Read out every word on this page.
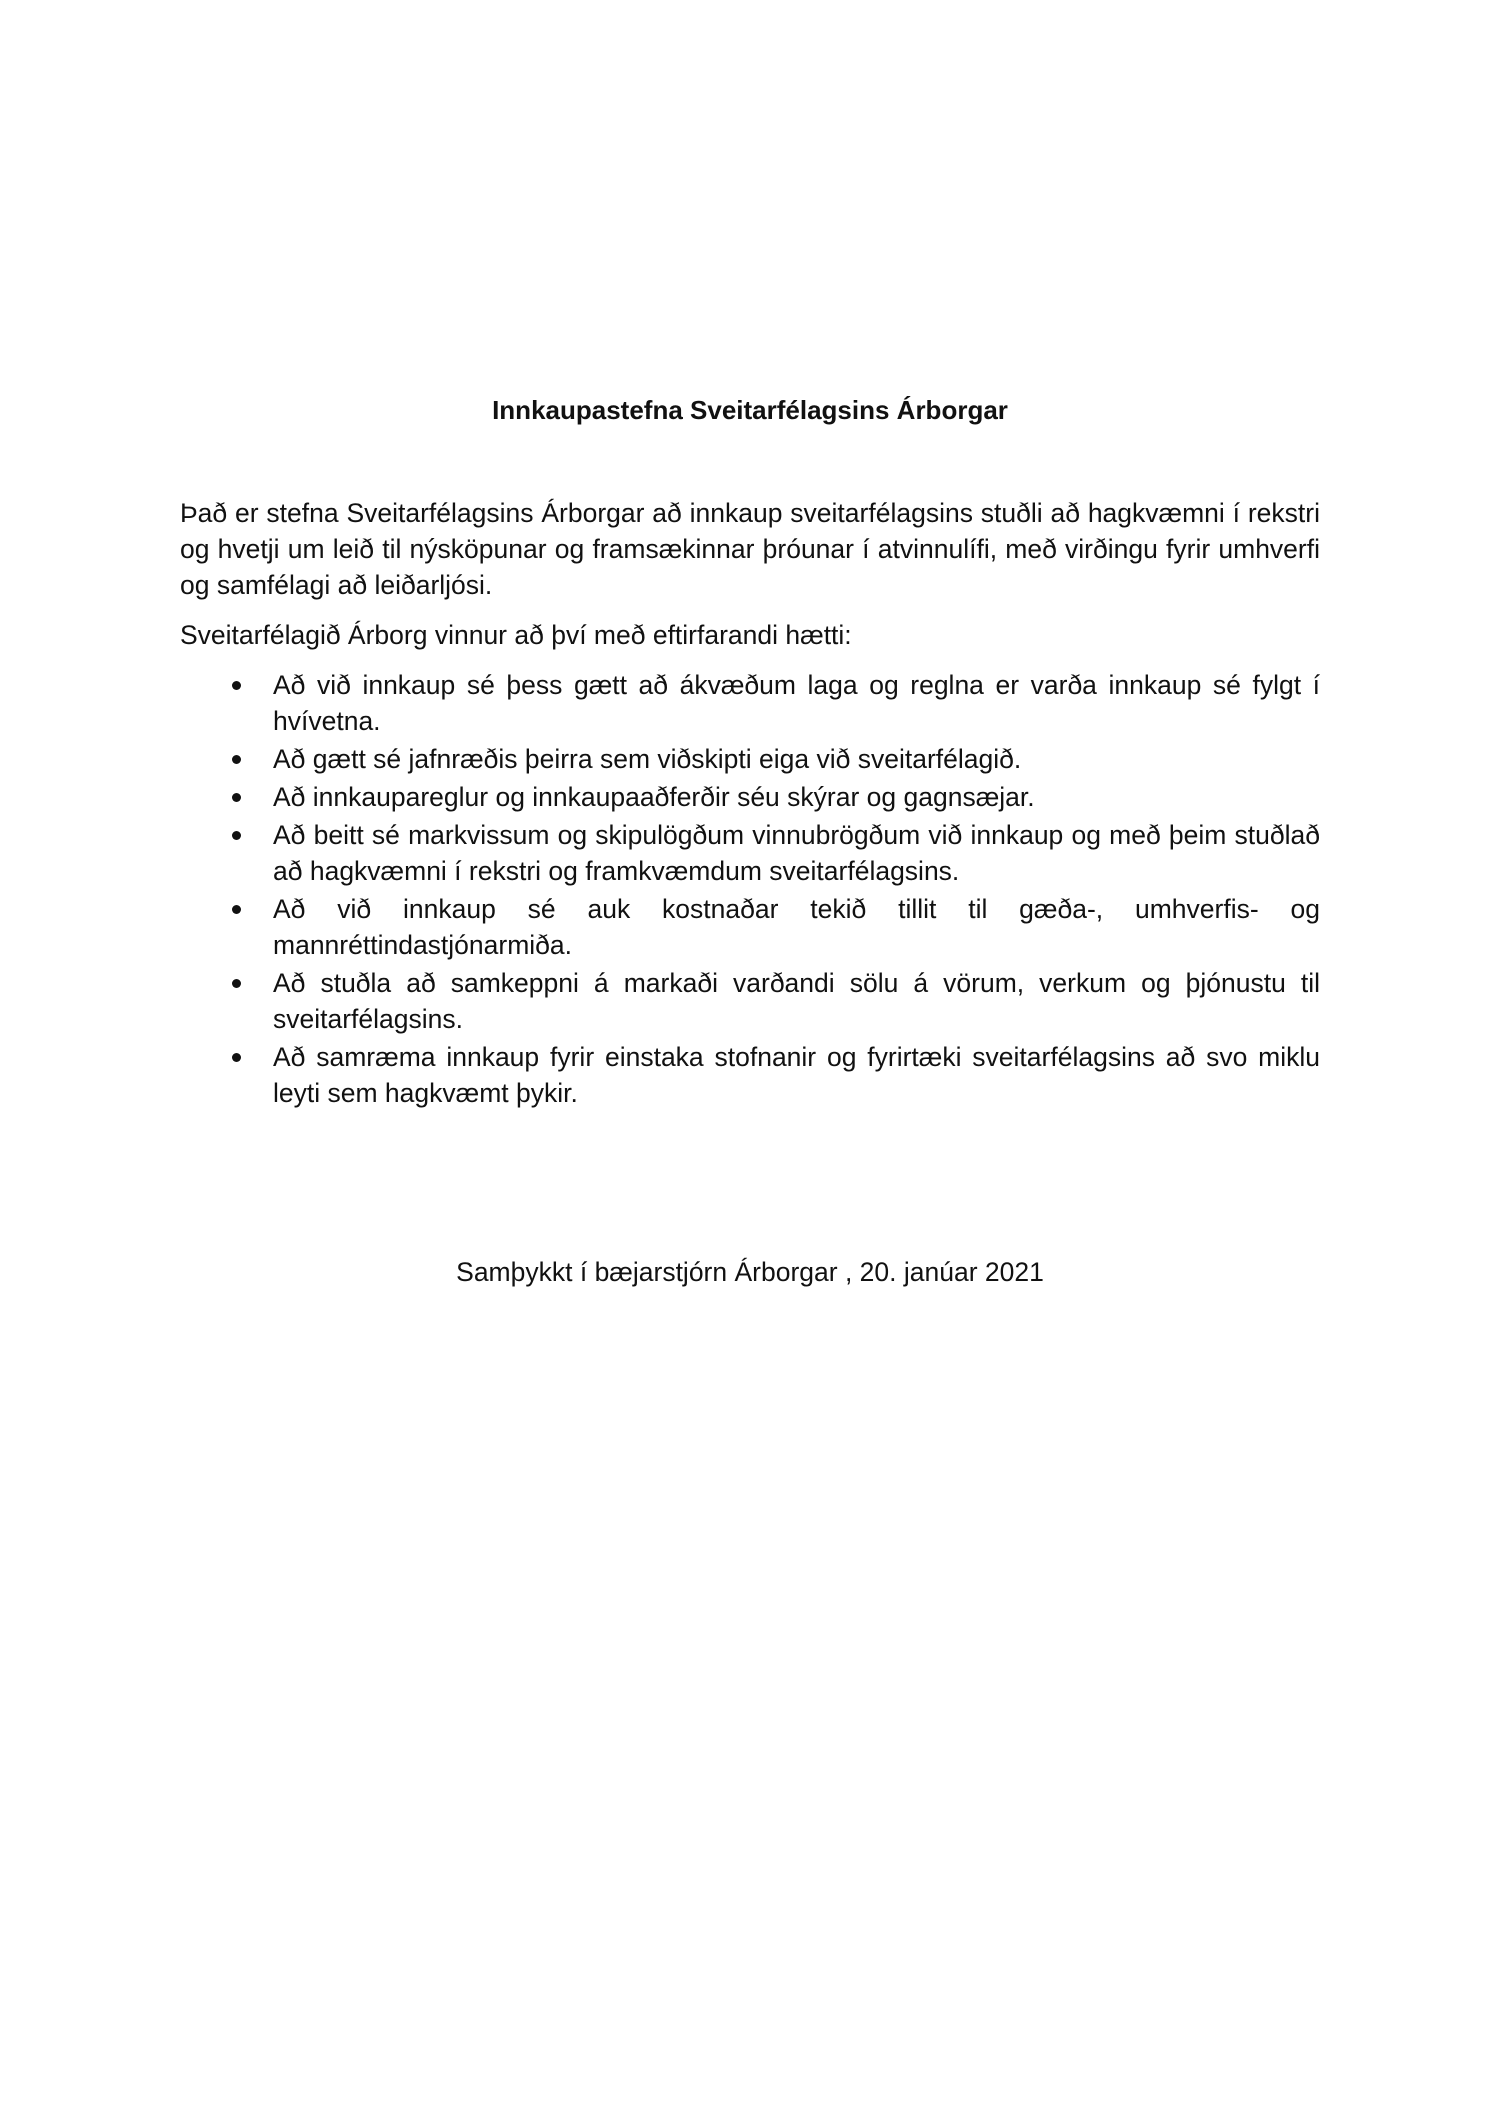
Innkaupastefna Sveitarfélagsins Árborgar

Það er stefna Sveitarfélagsins Árborgar að innkaup sveitarfélagsins stuðli að hagkvæmni í rekstri og hvetji um leið til nýsköpunar og framsækinnar þróunar í atvinnulífi, með virðingu fyrir umhverfi og samfélagi að leiðarljósi.

Sveitarfélagið Árborg vinnur að því með eftirfarandi hætti:

Að við innkaup sé þess gætt að ákvæðum laga og reglna er varða innkaup sé fylgt í hvívetna.
Að gætt sé jafnræðis þeirra sem viðskipti eiga við sveitarfélagið.
Að innkaupareglur og innkaupaaðferðir séu skýrar og gagnsæjar.
Að beitt sé markvissum og skipulögðum vinnubrögðum við innkaup og með þeim stuðlað að hagkvæmni í rekstri og framkvæmdum sveitarfélagsins.
Að við innkaup sé auk kostnaðar tekið tillit til gæða-, umhverfis- og mannréttindastjónarmiða.
Að stuðla að samkeppni á markaði varðandi sölu á vörum, verkum og þjónustu til sveitarfélagsins.
Að samræma innkaup fyrir einstaka stofnanir og fyrirtæki sveitarfélagsins að svo miklu leyti sem hagkvæmt þykir.
Samþykkt í bæjarstjórn Árborgar , 20. janúar 2021
